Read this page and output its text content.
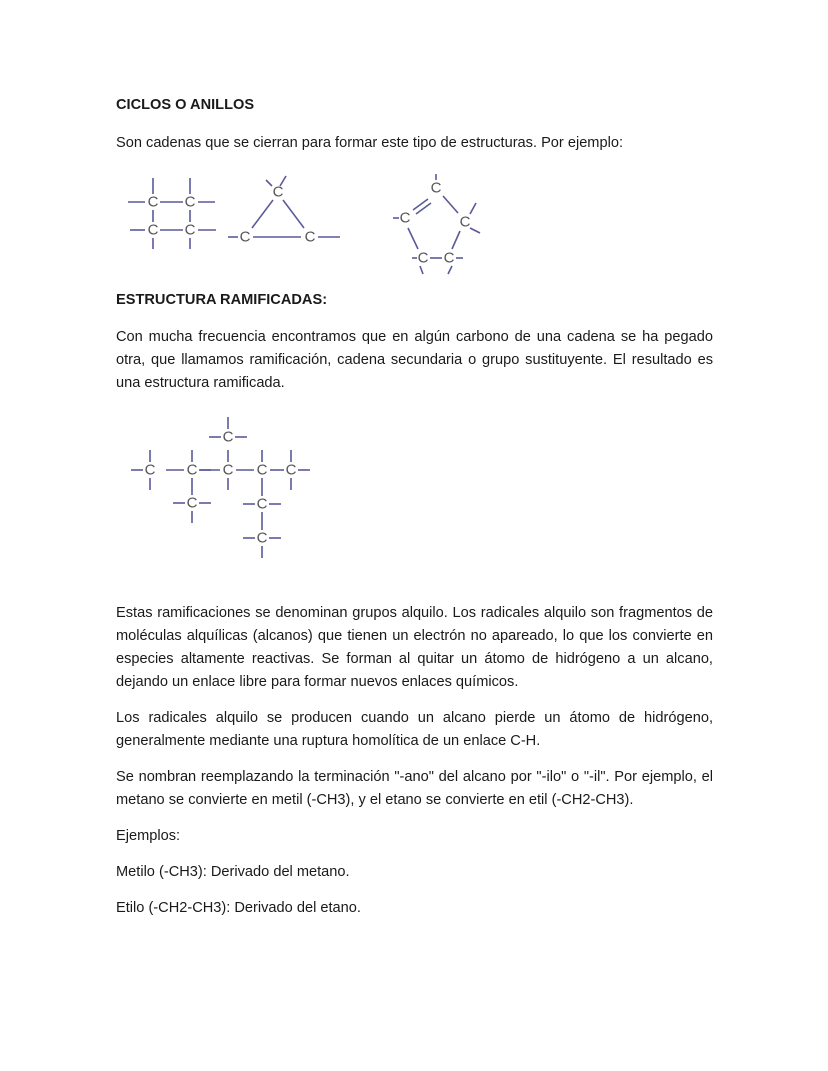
CICLOS O ANILLOS

Son cadenas que se cierran para formar este tipo de estructuras. Por ejemplo:

C C
C C
C
C	C
C
C	C
C C
C C C
C
C C
C	C
C

ESTRUCTURA RAMIFICADAS:

Con mucha frecuencia encontramos que en algún carbono de una cadena se ha pegado otra, que llamamos ramificación, cadena secundaria o grupo sustituyente. El resultado es una estructura ramificada.

Estas ramificaciones se denominan grupos alquilo. Los radicales alquilo son fragmentos de moléculas alquílicas (alcanos) que tienen un electrón no apareado, lo que los convierte en especies altamente reactivas. Se forman al quitar un átomo de hidrógeno a un alcano, dejando un enlace libre para formar nuevos enlaces químicos.

Los radicales alquilo se producen cuando un alcano pierde un átomo de hidrógeno, generalmente mediante una ruptura homolítica de un enlace C-H.

Se nombran reemplazando la terminación "-ano" del alcano por "-ilo" o "-il". Por ejemplo, el metano se convierte en metil (-CH3), y el etano se convierte en etil (-CH2-CH3).

Ejemplos:

Metilo (-CH3): Derivado del metano.

Etilo (-CH2-CH3): Derivado del etano.
